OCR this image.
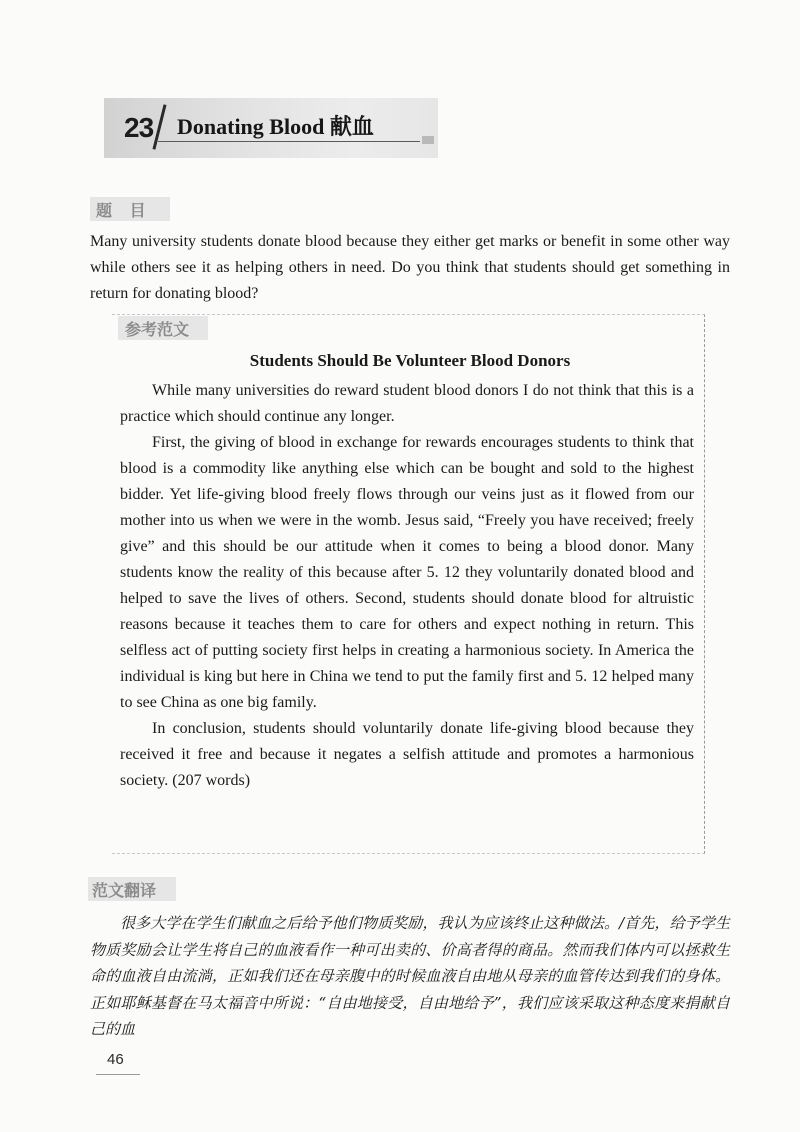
23 Donating Blood 献血
题 目
Many university students donate blood because they either get marks or benefit in some other way while others see it as helping others in need. Do you think that students should get something in return for donating blood?
参考范文
Students Should Be Volunteer Blood Donors

While many universities do reward student blood donors I do not think that this is a practice which should continue any longer.

First, the giving of blood in exchange for rewards encourages students to think that blood is a commodity like anything else which can be bought and sold to the highest bidder. Yet life-giving blood freely flows through our veins just as it flowed from our mother into us when we were in the womb. Jesus said, “Freely you have received; freely give” and this should be our attitude when it comes to being a blood donor. Many students know the reality of this because after 5. 12 they voluntarily donated blood and helped to save the lives of others. Second, students should donate blood for altruistic reasons because it teaches them to care for others and expect nothing in return. This selfless act of putting society first helps in creating a harmonious society. In America the individual is king but here in China we tend to put the family first and 5. 12 helped many to see China as one big family.

In conclusion, students should voluntarily donate life-giving blood because they received it free and because it negates a selfish attitude and promotes a harmonious society. (207 words)

范文翻译
很多大学在学生们献血之后给予他们物质奖励，我认为应该终止这种做法。/首先，给予学生物质奖励会让学生将自己的血液看作一种可出卖的、价高者得的商品。然而我们体内可以拯救生命的血液自由流淌，正如我们还在母亲腹中的时候血液自由地从母亲的血管传达到我们的身体。正如耶稣基督在马太福音中所说：“自由地接受，自由地给予”，我们应该采取这种态度来捐献自己的血
46
